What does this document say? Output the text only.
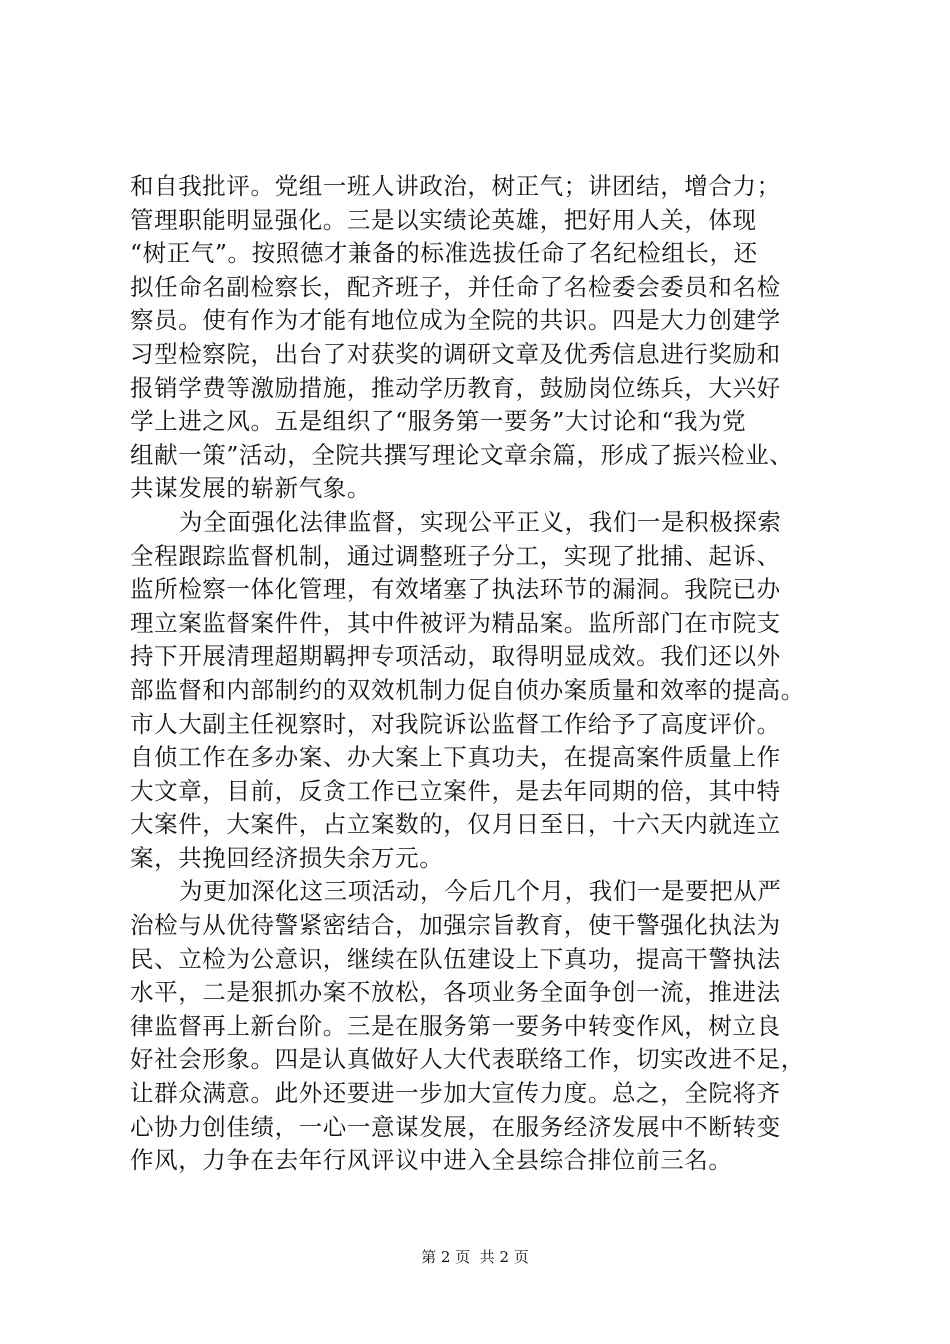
和自我批评。党组一班人讲政治，树正气；讲团结，增合力；
管理职能明显强化。三是以实绩论英雄，把好用人关，体现
“树正气”。按照德才兼备的标准选拔任命了名纪检组长，还
拟任命名副检察长，配齐班子，并任命了名检委会委员和名检
察员。使有作为才能有地位成为全院的共识。四是大力创建学
习型检察院，出台了对获奖的调研文章及优秀信息进行奖励和
报销学费等激励措施，推动学历教育，鼓励岗位练兵，大兴好
学上进之风。五是组织了“服务第一要务”大讨论和“我为党
组献一策”活动，全院共撰写理论文章余篇，形成了振兴检业、
共谋发展的崭新气象。
为全面强化法律监督，实现公平正义，我们一是积极探索
全程跟踪监督机制，通过调整班子分工，实现了批捕、起诉、
监所检察一体化管理，有效堵塞了执法环节的漏洞。我院已办
理立案监督案件件，其中件被评为精品案。监所部门在市院支
持下开展清理超期羁押专项活动，取得明显成效。我们还以外
部监督和内部制约的双效机制力促自侦办案质量和效率的提高。
市人大副主任视察时，对我院诉讼监督工作给予了高度评价。
自侦工作在多办案、办大案上下真功夫，在提高案件质量上作
大文章，目前，反贪工作已立案件，是去年同期的倍，其中特
大案件，大案件，占立案数的，仅月日至日，十六天内就连立
案，共挽回经济损失余万元。
为更加深化这三项活动，今后几个月，我们一是要把从严
治检与从优待警紧密结合，加强宗旨教育，使干警强化执法为
民、立检为公意识，继续在队伍建设上下真功，提高干警执法
水平，二是狠抓办案不放松，各项业务全面争创一流，推进法
律监督再上新台阶。三是在服务第一要务中转变作风，树立良
好社会形象。四是认真做好人大代表联络工作，切实改进不足，
让群众满意。此外还要进一步加大宣传力度。总之，全院将齐
心协力创佳绩，一心一意谋发展，在服务经济发展中不断转变
作风，力争在去年行风评议中进入全县综合排位前三名。
第 2 页  共 2 页
